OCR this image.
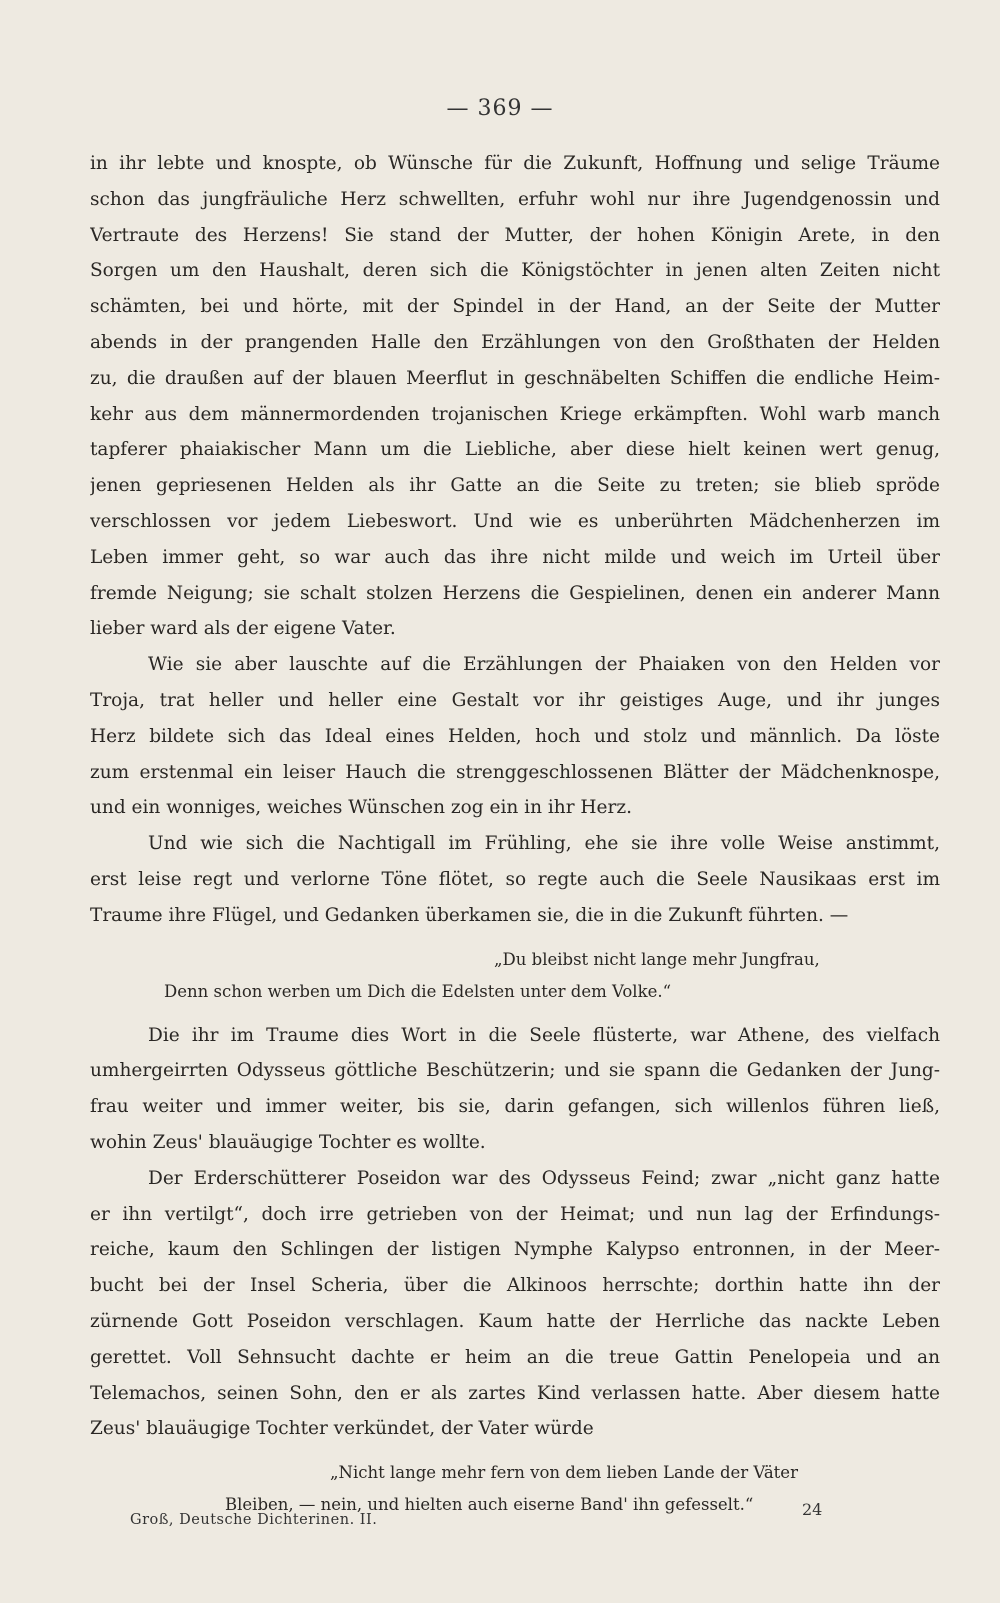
— 369 —
in ihr lebte und knospte, ob Wünsche für die Zukunft, Hoffnung und selige Träume
schon das jungfräuliche Herz schwellten, erfuhr wohl nur ihre Jugendgenossin und
Vertraute des Herzens! Sie stand der Mutter, der hohen Königin Arete, in den
Sorgen um den Haushalt, deren sich die Königstöchter in jenen alten Zeiten nicht
schämten, bei und hörte, mit der Spindel in der Hand, an der Seite der Mutter
abends in der prangenden Halle den Erzählungen von den Großthaten der Helden
zu, die draußen auf der blauen Meerflut in geschnäbelten Schiffen die endliche Heim-
kehr aus dem männermordenden trojanischen Kriege erkämpften. Wohl warb manch
tapferer phaiakischer Mann um die Liebliche, aber diese hielt keinen wert genug,
jenen gepriesenen Helden als ihr Gatte an die Seite zu treten; sie blieb spröde
verschlossen vor jedem Liebeswort. Und wie es unberührten Mädchenherzen im
Leben immer geht, so war auch das ihre nicht milde und weich im Urteil über
fremde Neigung; sie schalt stolzen Herzens die Gespielinen, denen ein anderer Mann
lieber ward als der eigene Vater.
Wie sie aber lauschte auf die Erzählungen der Phaiaken von den Helden vor
Troja, trat heller und heller eine Gestalt vor ihr geistiges Auge, und ihr junges
Herz bildete sich das Ideal eines Helden, hoch und stolz und männlich. Da löste
zum erstenmal ein leiser Hauch die strenggeschlossenen Blätter der Mädchenknospe,
und ein wonniges, weiches Wünschen zog ein in ihr Herz.
Und wie sich die Nachtigall im Frühling, ehe sie ihre volle Weise anstimmt,
erst leise regt und verlorne Töne flötet, so regte auch die Seele Nausikaas erst im
Traume ihre Flügel, und Gedanken überkamen sie, die in die Zukunft führten. —
„Du bleibst nicht lange mehr Jungfrau,
Denn schon werben um Dich die Edelsten unter dem Volke.“
Die ihr im Traume dies Wort in die Seele flüsterte, war Athene, des vielfach
umhergeirrten Odysseus göttliche Beschützerin; und sie spann die Gedanken der Jung-
frau weiter und immer weiter, bis sie, darin gefangen, sich willenlos führen ließ,
wohin Zeus' blauäugige Tochter es wollte.
Der Erderschütterer Poseidon war des Odysseus Feind; zwar „nicht ganz hatte
er ihn vertilgt“, doch irre getrieben von der Heimat; und nun lag der Erfindungs-
reiche, kaum den Schlingen der listigen Nymphe Kalypso entronnen, in der Meer-
bucht bei der Insel Scheria, über die Alkinoos herrschte; dorthin hatte ihn der
zürnende Gott Poseidon verschlagen. Kaum hatte der Herrliche das nackte Leben
gerettet. Voll Sehnsucht dachte er heim an die treue Gattin Penelopeia und an
Telemachos, seinen Sohn, den er als zartes Kind verlassen hatte. Aber diesem hatte
Zeus' blauäugige Tochter verkündet, der Vater würde
„Nicht lange mehr fern von dem lieben Lande der Väter
Bleiben, — nein, und hielten auch eiserne Band' ihn gefesselt.“
Groß, Deutsche Dichterinen. II.
24
